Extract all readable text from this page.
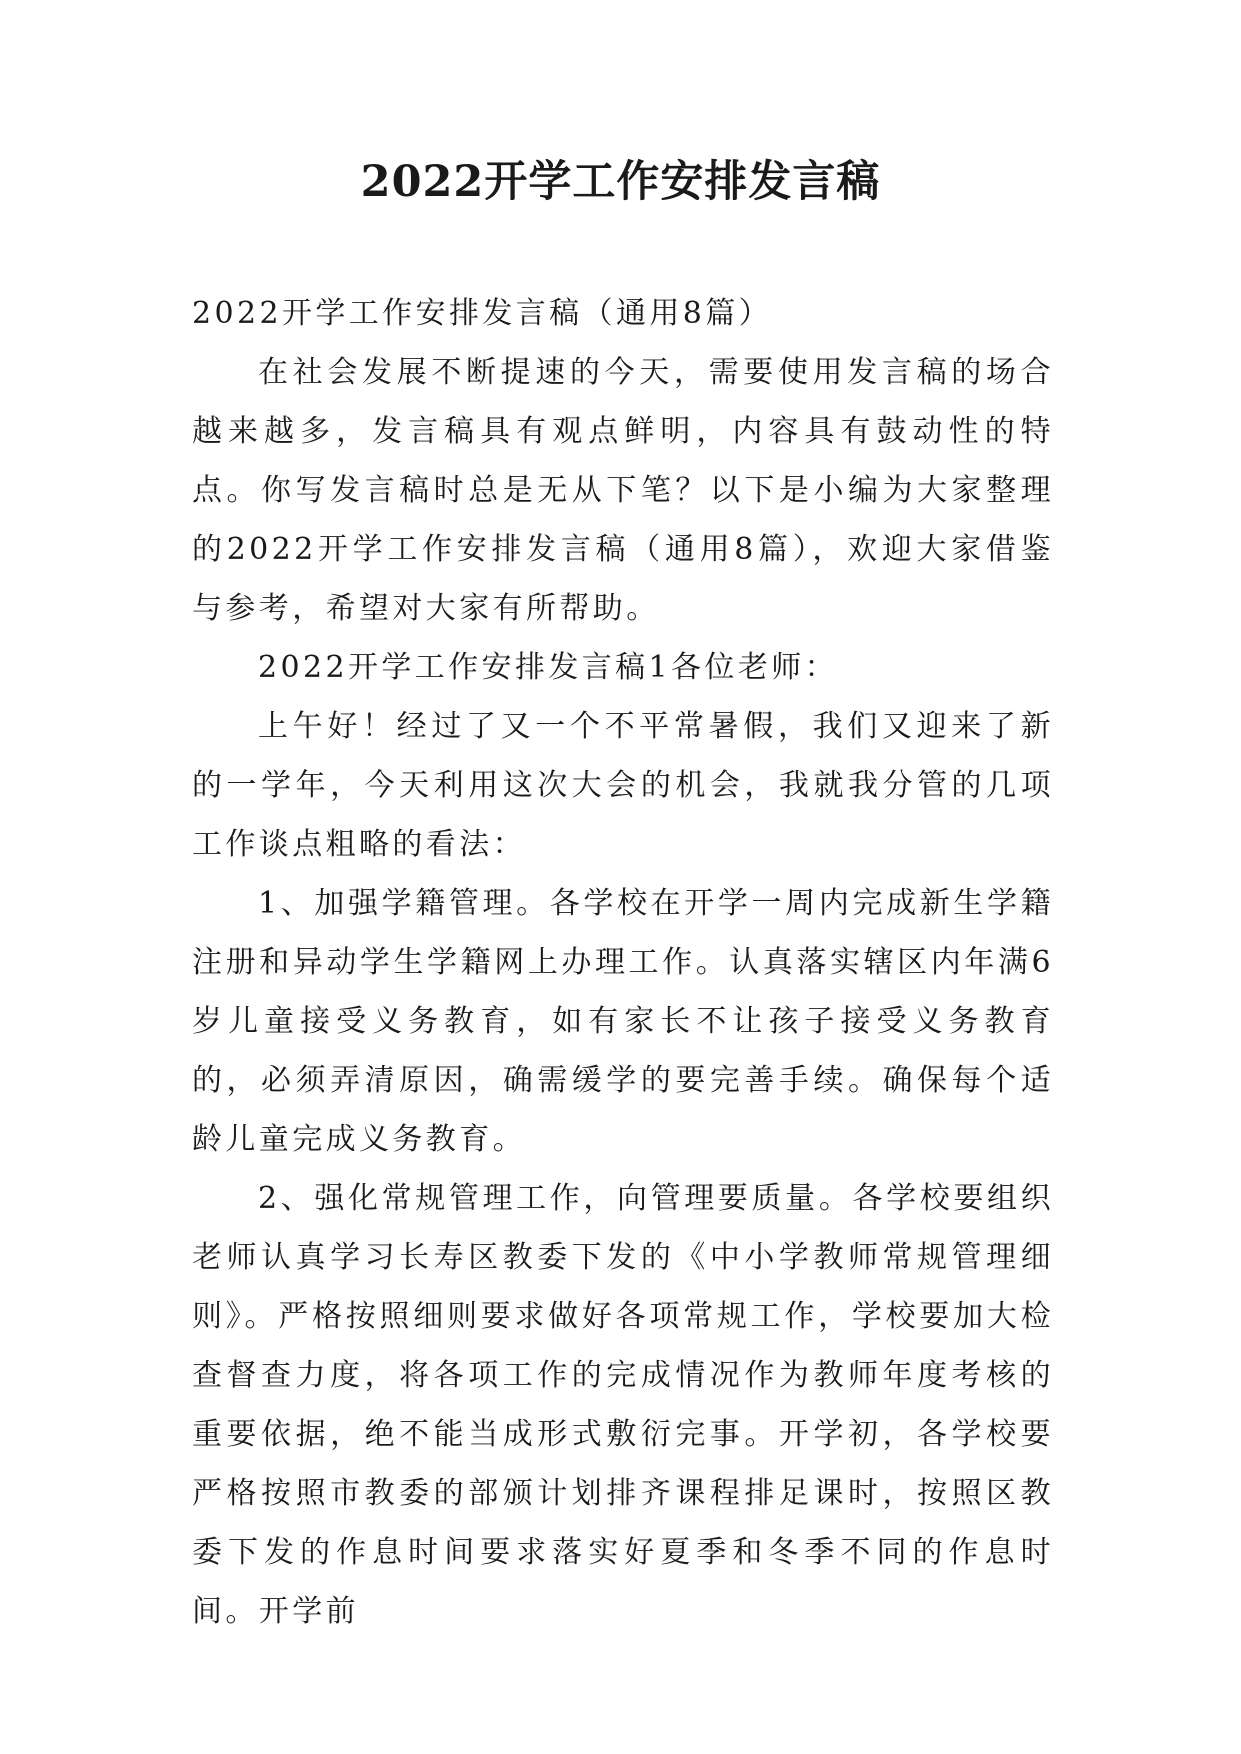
2022开学工作安排发言稿

2022开学工作安排发言稿（通用8篇）

在社会发展不断提速的今天，需要使用发言稿的场合越来越多，发言稿具有观点鲜明，内容具有鼓动性的特点。你写发言稿时总是无从下笔？以下是小编为大家整理的2022开学工作安排发言稿（通用8篇），欢迎大家借鉴与参考，希望对大家有所帮助。

2022开学工作安排发言稿1各位老师：

上午好！经过了又一个不平常暑假，我们又迎来了新的一学年，今天利用这次大会的机会，我就我分管的几项工作谈点粗略的看法：

1、加强学籍管理。各学校在开学一周内完成新生学籍注册和异动学生学籍网上办理工作。认真落实辖区内年满6岁儿童接受义务教育，如有家长不让孩子接受义务教育的，必须弄清原因，确需缓学的要完善手续。确保每个适龄儿童完成义务教育。

2、强化常规管理工作，向管理要质量。各学校要组织老师认真学习长寿区教委下发的《中小学教师常规管理细则》。严格按照细则要求做好各项常规工作，学校要加大检查督查力度，将各项工作的完成情况作为教师年度考核的重要依据，绝不能当成形式敷衍完事。开学初，各学校要严格按照市教委的部颁计划排齐课程排足课时，按照区教委下发的作息时间要求落实好夏季和冬季不同的作息时间。开学前
